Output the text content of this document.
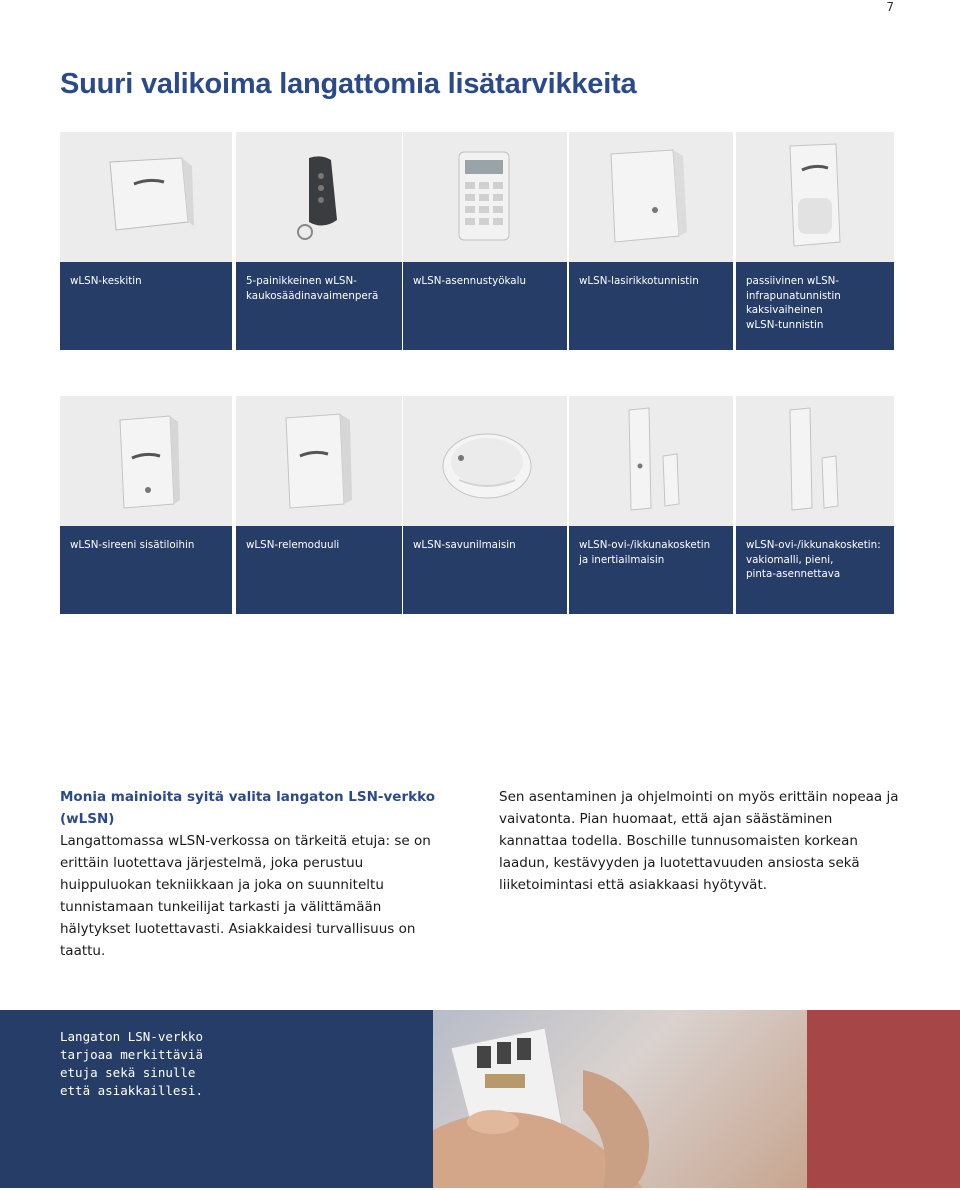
7
Suuri valikoima langattomia lisätarvikkeita
wLSN-keskitin	5-painikkeinen wLSN-
kaukosäädinavaimenperä
wLSN-asennustyökalu	wLSN-lasirikkotunnistin	passiivinen wLSN-
infrapunatunnistin
kaksivaiheinen
wLSN-tunnistin
wLSN-sireeni sisätiloihin	wLSN-relemoduuli	wLSN-savunilmaisin	wLSN-ovi-/ikkunakosketin
ja inertiailmaisin
wLSN-ovi-/ikkunakosketin:
vakiomalli, pieni,
pinta-asennettava
Monia mainioita syitä valita langaton LSN-verkko (wLSN)
Langattomassa wLSN-verkossa on tärkeitä etuja: se on erittäin luotettava järjestelmä, joka perustuu huippuluokan tekniikkaan ja joka on suunniteltu tunnistamaan tunkeilijat tarkasti ja välittämään hälytykset luotettavasti. Asiakkaidesi turvallisuus on taattu.
Sen asentaminen ja ohjelmointi on myös erittäin nopeaa ja vaivatonta. Pian huomaat, että ajan säästäminen kannattaa todella. Boschille tunnusomaisten korkean laadun, kestävyyden ja luotettavuuden ansiosta sekä liiketoimintasi että asiakkaasi hyötyvät.
Langaton LSN-verkko
tarjoaa merkittäviä
etuja sekä sinulle
että asiakkaillesi.
